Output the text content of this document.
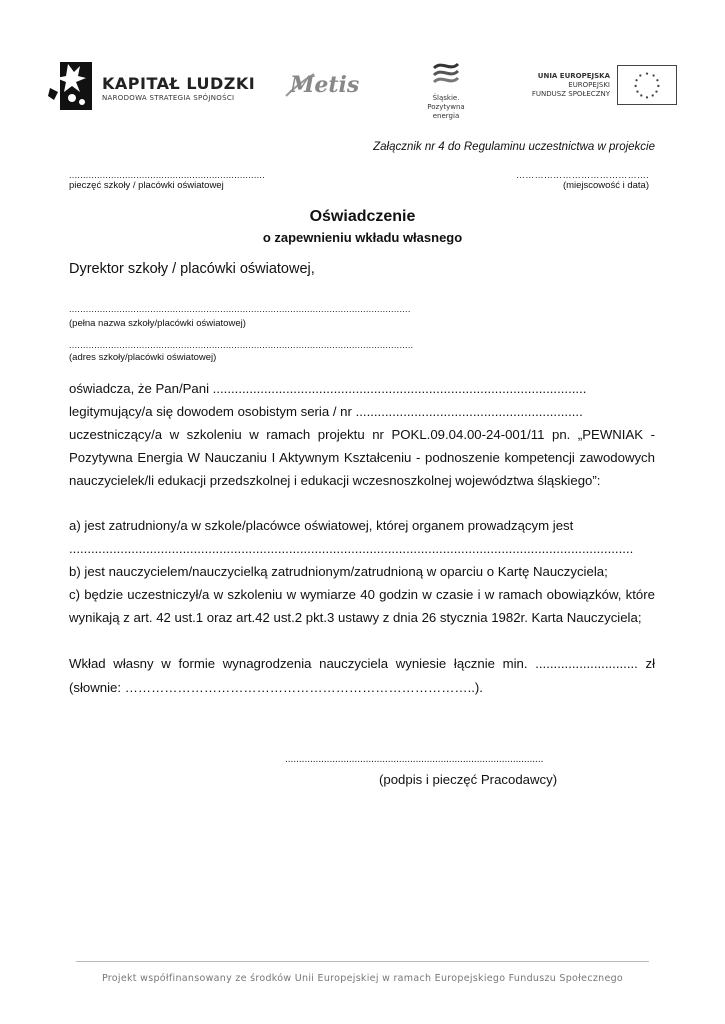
KAPITAŁ LUDZKI
NARODOWA STRATEGIA SPÓJNOŚCI	Metis	Śląskie.
Pozytywna energia
UNIA EUROPEJSKA
EUROPEJSKI
FUNDUSZ SPOŁECZNY
Załącznik nr 4 do Regulaminu uczestnictwa w projekcie
......................................................................
pieczęć szkoły / placówki oświatowej
…………………………………….
(miejscowość i data)
Oświadczenie
o zapewnieniu wkładu własnego
Dyrektor szkoły / placówki oświatowej,
..........................................................................................................................
(pełna nazwa szkoły/placówki oświatowej)
...........................................................................................................................
(adres szkoły/placówki oświatowej)
oświadcza, że Pan/Pani ......................................................................................................
legitymujący/a się dowodem osobistym seria / nr ..............................................................
uczestniczący/a w szkoleniu w ramach projektu nr POKL.09.04.00-24-001/11 pn. „PEWNIAK -
Pozytywna Energia W Nauczaniu I Aktywnym Kształceniu - podnoszenie kompetencji zawodowych
nauczycielek/li edukacji przedszkolnej i edukacji wczesnoszkolnej województwa śląskiego”:
a) jest zatrudniony/a w szkole/placówce oświatowej, której organem prowadzącym jest
..........................................................................................................................................................
b) jest nauczycielem/nauczycielką zatrudnionym/zatrudnioną w oparciu o Kartę Nauczyciela;
c) będzie uczestniczył/a w szkoleniu w wymiarze 40 godzin w czasie i w ramach obowiązków, które
wynikają z art. 42 ust.1 oraz art.42 ust.2 pkt.3 ustawy z dnia 26 stycznia 1982r. Karta Nauczyciela;
Wkład własny w formie wynagrodzenia nauczyciela wyniesie łącznie min. ............................ zł
(słownie: ……………………………………………………………………..).
.............................................................................................
(podpis i pieczęć Pracodawcy)
Projekt współfinansowany ze środków Unii Europejskiej w ramach Europejskiego Funduszu Społecznego
